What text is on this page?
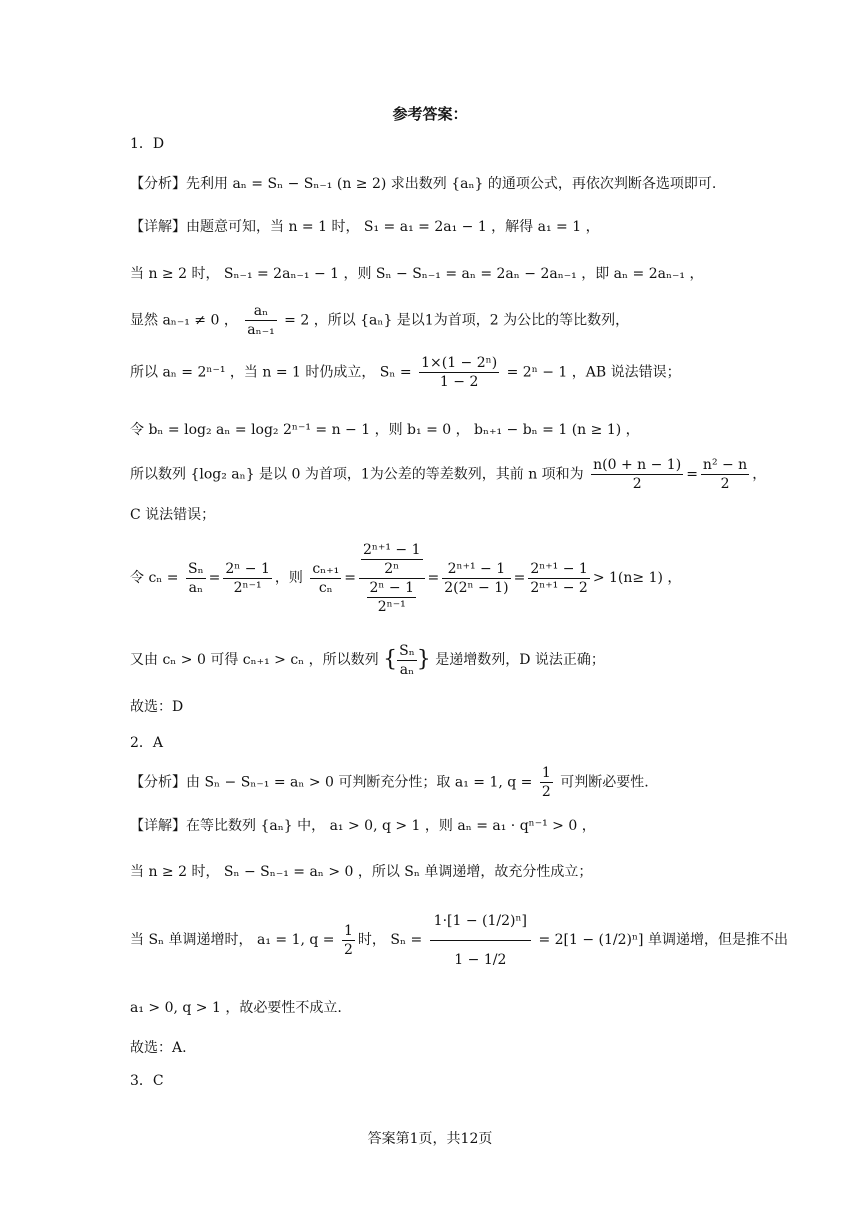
参考答案：
1．D
【分析】先利用 aₙ = Sₙ − Sₙ₋₁ (n ≥ 2) 求出数列 {aₙ} 的通项公式，再依次判断各选项即可.
【详解】由题意可知，当 n = 1 时， S₁ = a₁ = 2a₁ − 1 ，解得 a₁ = 1 ，
当 n ≥ 2 时， Sₙ₋₁ = 2aₙ₋₁ − 1 ，则 Sₙ − Sₙ₋₁ = aₙ = 2aₙ − 2aₙ₋₁ ，即 aₙ = 2aₙ₋₁ ，
显然 aₙ₋₁ ≠ 0 ， $\frac{\text{aₙ}}{\text{aₙ₋₁}} = 2$ ，所以 {aₙ} 是以1为首项，2 为公比的等比数列，
所以 aₙ = 2ⁿ⁻¹ ，当 n = 1 时仍成立， $S_n = \frac{\text{1×(1 − 2ⁿ)}}{1 - 2} = 2^n - 1$ ，AB 说法错误；
令 bₙ = log₂ aₙ = log₂ 2ⁿ⁻¹ = n − 1 ，则 b₁ = 0 ， bₙ₊₁ − bₙ = 1 (n ≥ 1) ，
所以数列 {log₂ aₙ} 是以 0 为首项，1为公差的等差数列，其前 n 项和为 $\frac{n(0 + n - 1)}{2} = \frac{\text{n² − n}}{2}$ ，
C 说法错误；
令 $c_n = \frac{\text{Sₙ}}{\text{aₙ}} = \frac{\text{2ⁿ − 1}}{\text{2ⁿ⁻¹}}$ ，则 $\frac{\text{cₙ₊₁}}{\text{cₙ}} = \frac{\frac{\text{2ⁿ⁺¹ − 1}}{\text{2ⁿ}}}{\frac{\text{2ⁿ − 1}}{\text{2ⁿ⁻¹}}} = \frac{\text{2ⁿ⁺¹ − 1}}{\text{2(2ⁿ − 1)}} = \frac{\text{2ⁿ⁺¹ − 1}}{\text{2ⁿ⁺¹ − 2}} > 1(n\ge 1)$ ，
又由 cₙ > 0 可得 cₙ₊₁ > cₙ ，所以数列 { $\frac{\text{Sₙ}}{\text{aₙ}}$ } 是递增数列，D 说法正确；
故选：D
2．A
【分析】由 Sₙ − Sₙ₋₁ = aₙ > 0 可判断充分性；取 a₁ = 1, $q = \frac{1}{2}$ 可判断必要性.
【详解】在等比数列 {aₙ} 中， a₁ > 0, q > 1 ，则 aₙ = a₁ · qⁿ⁻¹ > 0 ，
当 n ≥ 2 时， Sₙ − Sₙ₋₁ = aₙ > 0 ，所以 Sₙ 单调递增，故充分性成立；
当 Sₙ 单调递增时， a₁ = 1, $q = \frac{1}{2}$ 时， $S_n = \frac{\text{1·[1 − (1/2)ⁿ]}}{1 - 1/2} = 2[1 - (1/2)^n]$ 单调递增，但是推不出
a₁ > 0, q > 1 ，故必要性不成立.
故选：A.
3．C
答案第1页，共12页
